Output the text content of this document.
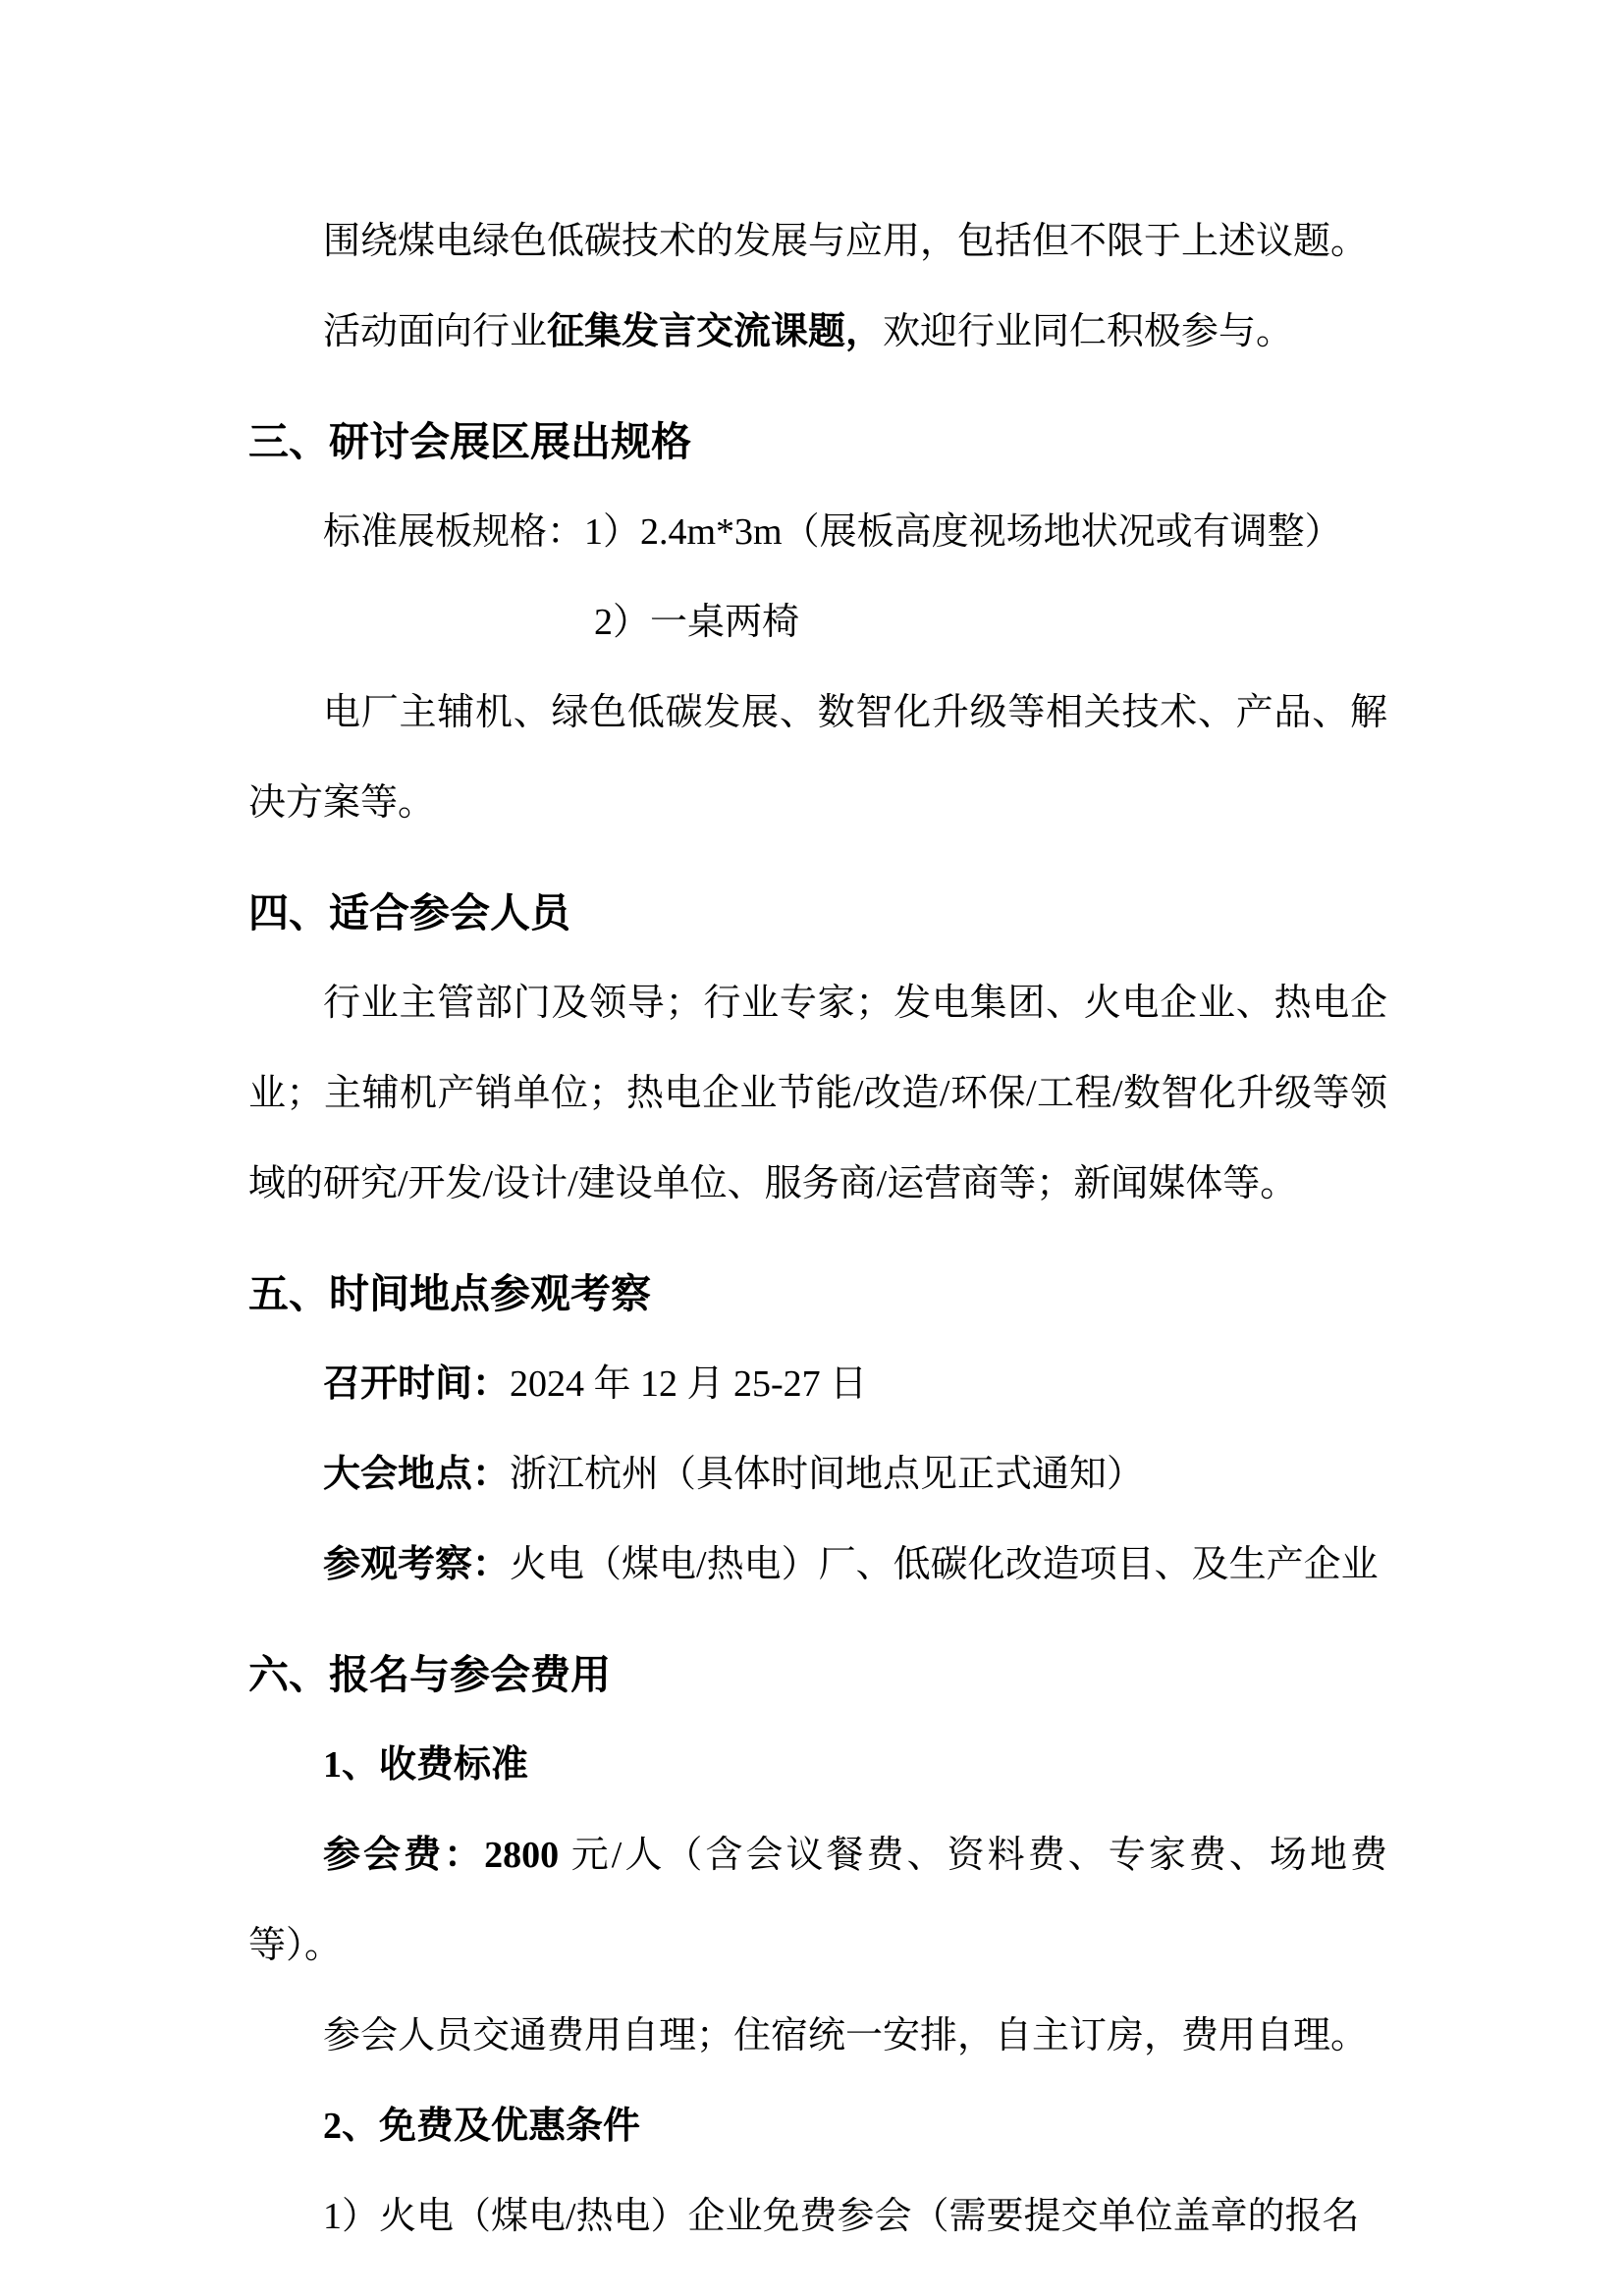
围绕煤电绿色低碳技术的发展与应用，包括但不限于上述议题。

活动面向行业征集发言交流课题，欢迎行业同仁积极参与。

三、研讨会展区展出规格

标准展板规格：1）2.4m*3m（展板高度视场地状况或有调整）

2）一桌两椅

电厂主辅机、绿色低碳发展、数智化升级等相关技术、产品、解决方案等。

四、适合参会人员

行业主管部门及领导；行业专家；发电集团、火电企业、热电企业；主辅机产销单位；热电企业节能/改造/环保/工程/数智化升级等领域的研究/开发/设计/建设单位、服务商/运营商等；新闻媒体等。

五、时间地点参观考察

召开时间：2024 年 12 月 25-27 日

大会地点：浙江杭州（具体时间地点见正式通知）

参观考察：火电（煤电/热电）厂、低碳化改造项目、及生产企业

六、报名与参会费用

1、收费标准

参会费：2800 元/人（含会议餐费、资料费、专家费、场地费等）。

参会人员交通费用自理；住宿统一安排，自主订房，费用自理。

2、免费及优惠条件

1）火电（煤电/热电）企业免费参会（需要提交单位盖章的报名
